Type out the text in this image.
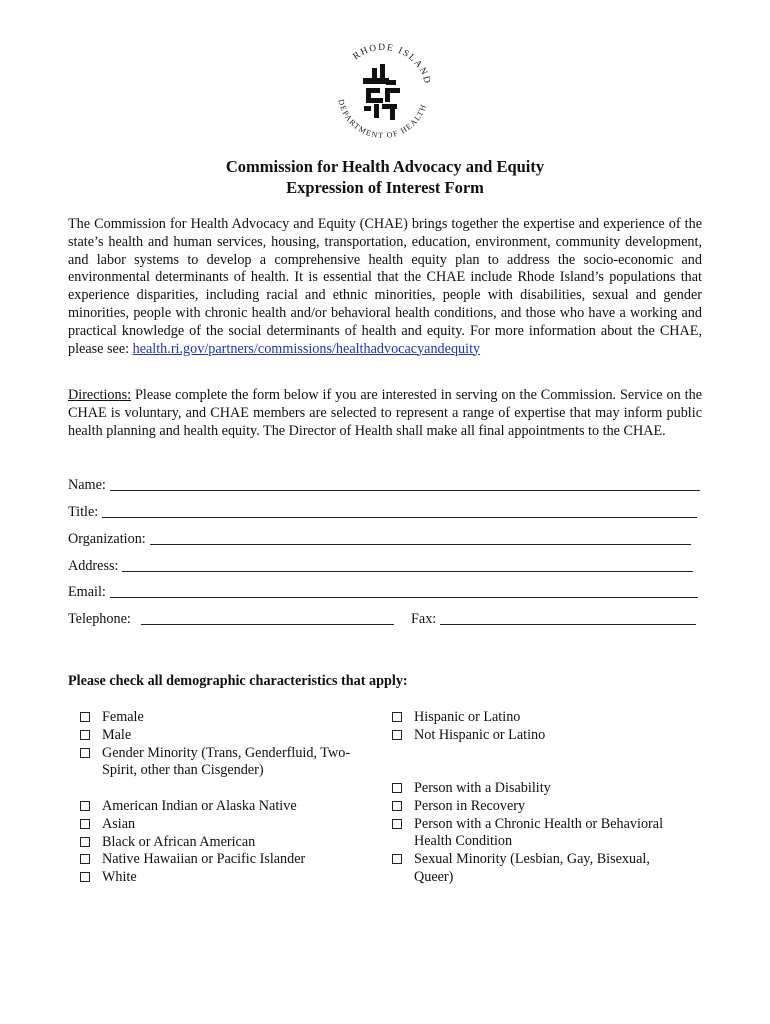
RHODE ISLAND
DEPARTMENT OF HEALTH
Commission for Health Advocacy and Equity
Expression of Interest Form
The Commission for Health Advocacy and Equity (CHAE) brings together the expertise and experience of the state’s health and human services, housing, transportation, education, environment, community development, and labor systems to develop a comprehensive health equity plan to address the socio-economic and environmental determinants of health. It is essential that the CHAE include Rhode Island’s populations that experience disparities, including racial and ethnic minorities, people with disabilities, sexual and gender minorities, people with chronic health and/or behavioral health conditions, and those who have a working and practical knowledge of the social determinants of health and equity. For more information about the CHAE, please see: health.ri.gov/partners/commissions/healthadvocacyandequity
Directions: Please complete the form below if you are interested in serving on the Commission. Service on the CHAE is voluntary, and CHAE members are selected to represent a range of expertise that may inform public health planning and health equity. The Director of Health shall make all final appointments to the CHAE.
Name:
Title:
Organization:
Address:
Email:
Telephone:	Fax:
Please check all demographic characteristics that apply:
Female
Male
Gender Minority (Trans, Genderfluid, Two-Spirit, other than Cisgender)
American Indian or Alaska Native
Asian
Black or African American
Native Hawaiian or Pacific Islander
White
Hispanic or Latino
Not Hispanic or Latino
Person with a Disability
Person in Recovery
Person with a Chronic Health or Behavioral Health Condition
Sexual Minority (Lesbian, Gay, Bisexual, Queer)
